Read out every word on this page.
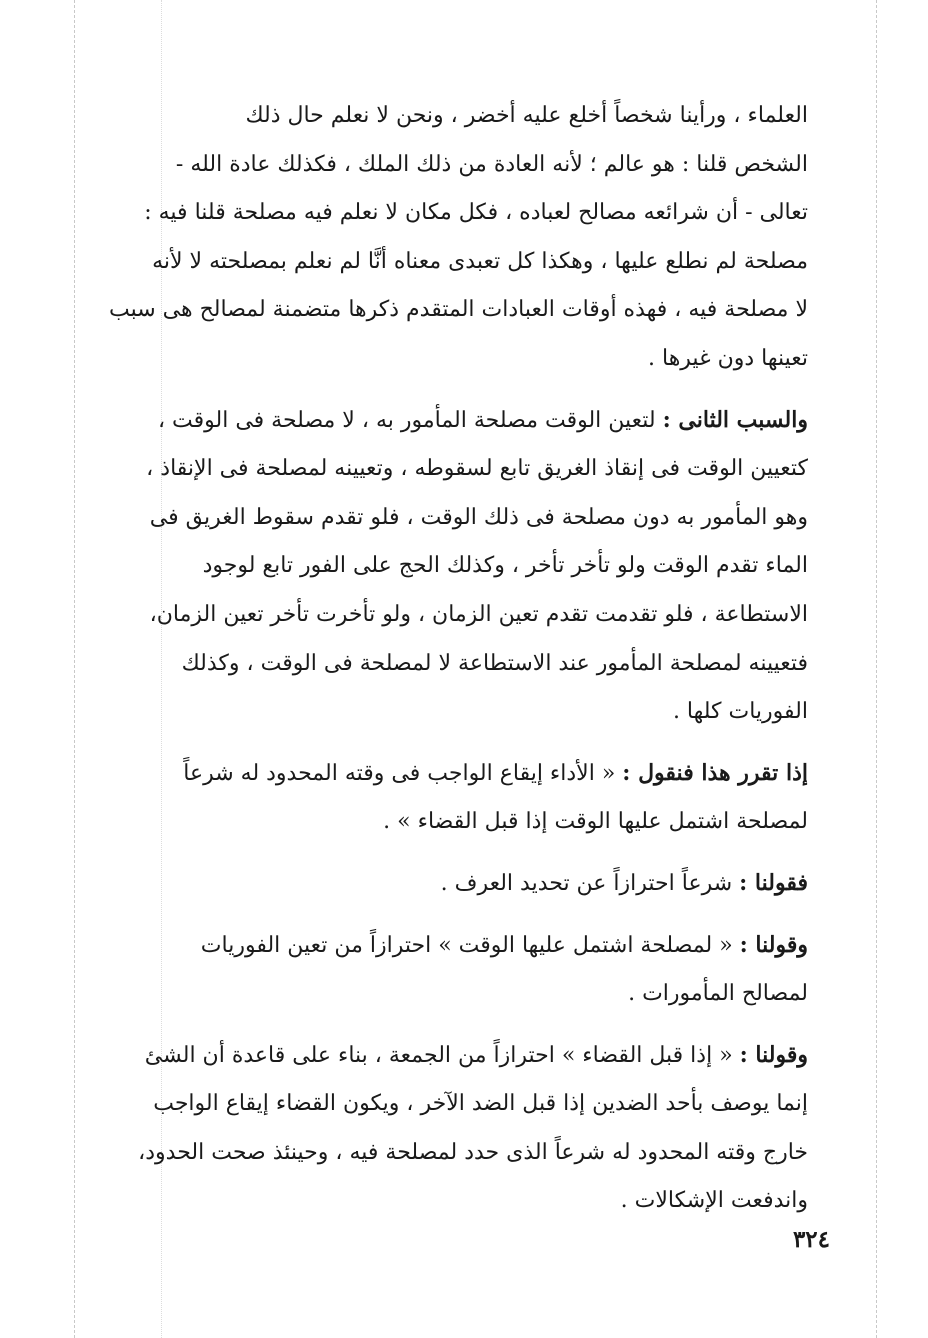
العلماء ، ورأينا شخصاً أخلع عليه أخضر ، ونحن لا نعلم حال ذلك
الشخص قلنا : هو عالم ؛ لأنه العادة من ذلك الملك ، فكذلك عادة الله -
تعالى - أن شرائعه مصالح لعباده ، فكل مكان لا نعلم فيه مصلحة قلنا فيه :
مصلحة لم نطلع عليها ، وهكذا كل تعبدى معناه أنَّا لم نعلم بمصلحته لا لأنه
لا مصلحة فيه ، فهذه أوقات العبادات المتقدم ذكرها متضمنة لمصالح هى سبب
تعينها دون غيرها .

والسبب الثانى : لتعين الوقت مصلحة المأمور به ، لا مصلحة فى الوقت ،
كتعيين الوقت فى إنقاذ الغريق تابع لسقوطه ، وتعيينه لمصلحة فى الإنقاذ ،
وهو المأمور به دون مصلحة فى ذلك الوقت ، فلو تقدم سقوط الغريق فى
الماء تقدم الوقت ولو تأخر تأخر ، وكذلك الحج على الفور تابع لوجود
الاستطاعة ، فلو تقدمت تقدم تعين الزمان ، ولو تأخرت تأخر تعين الزمان،
فتعيينه لمصلحة المأمور عند الاستطاعة لا لمصلحة فى الوقت ، وكذلك
الفوريات كلها .

إذا تقرر هذا فنقول : « الأداء إيقاع الواجب فى وقته المحدود له شرعاً
لمصلحة اشتمل عليها الوقت إذا قبل القضاء » .

فقولنا : شرعاً احترازاً عن تحديد العرف .

وقولنا : « لمصلحة اشتمل عليها الوقت » احترازاً من تعين الفوريات
لمصالح المأمورات .

وقولنا : « إذا قبل القضاء » احترازاً من الجمعة ، بناء على قاعدة أن الشئ
إنما يوصف بأحد الضدين إذا قبل الضد الآخر ، ويكون القضاء إيقاع الواجب
خارج وقته المحدود له شرعاً الذى حدد لمصلحة فيه ، وحينئذ صحت الحدود،
واندفعت الإشكالات .

٣٢٤
